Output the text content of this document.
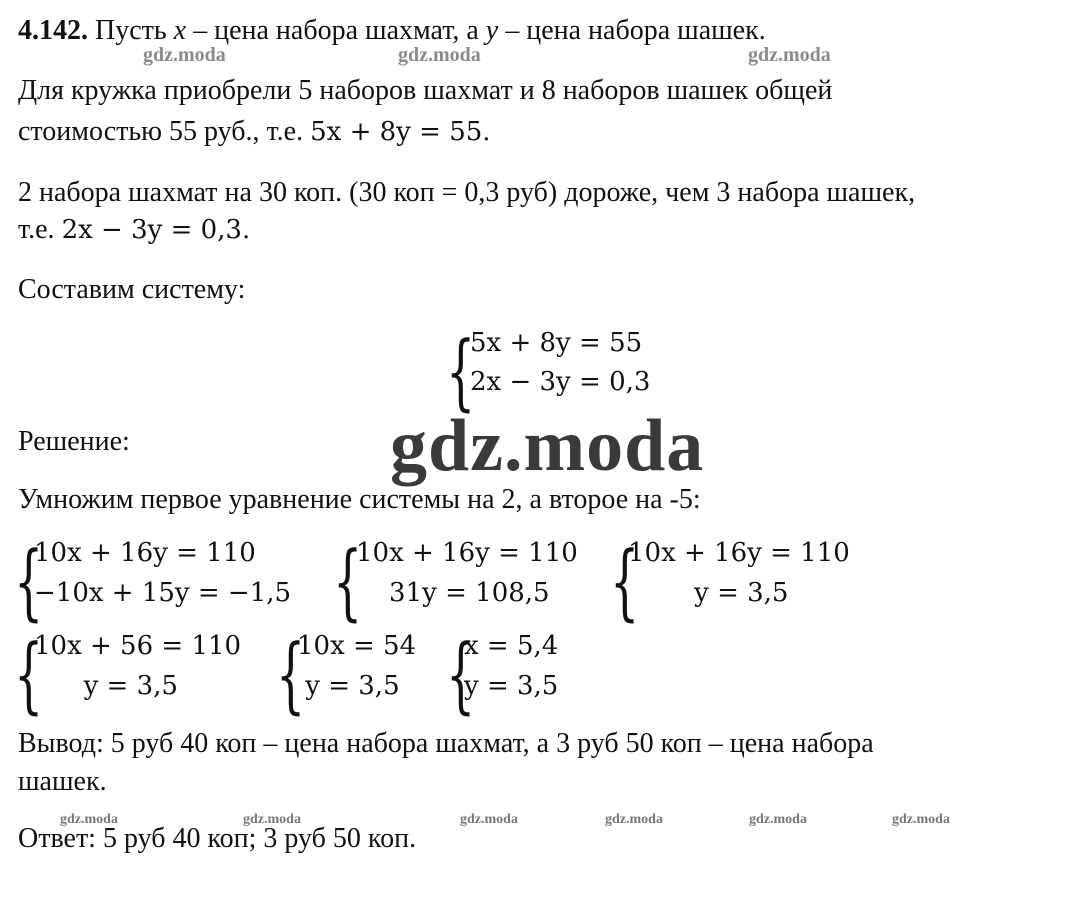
4.142. Пусть x – цена набора шахмат, а y – цена набора шашек.
gdz.moda	gdz.moda	gdz.moda
Для кружка приобрели 5 наборов шахмат и 8 наборов шашек общей
стоимостью 55 руб., т.е. 5x + 8y = 55.
2 набора шахмат на 30 коп. (30 коп = 0,3 руб) дороже, чем 3 набора шашек,
т.е. 2x − 3y = 0,3.
Составим систему:
{
5x + 8y = 55
2x − 3y = 0,3
Решение:	gdz.moda
Умножим первое уравнение системы на 2, а второе на -5:
{
10x + 16y = 110
−10x + 15y = −1,5 {
10x + 16y = 110
31y = 108,5 {
10x + 16y = 110
y = 3,5
{
10x + 56 = 110
y = 3,5 {
10x = 54
y = 3,5 {
x = 5,4
y = 3,5
Вывод: 5 руб 40 коп – цена набора шахмат, а 3 руб 50 коп – цена набора
шашек.
gdz.moda	gdz.moda	gdz.moda	gdz.moda	gdz.moda	gdz.moda
Ответ: 5 руб 40 коп; 3 руб 50 коп.
